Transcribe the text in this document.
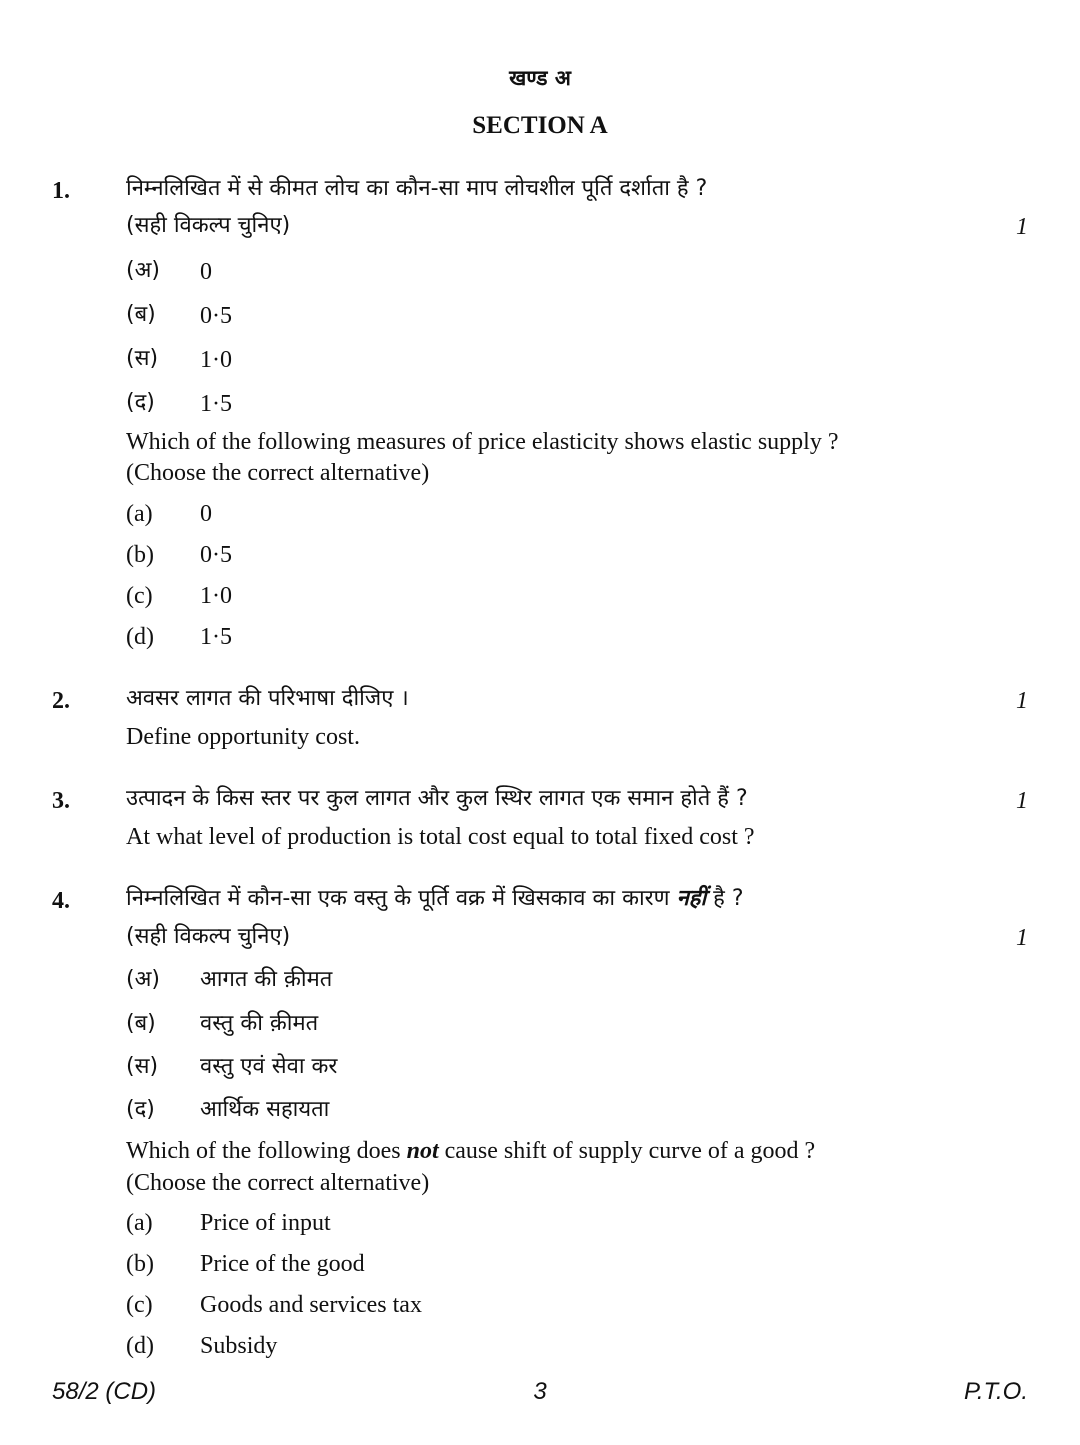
खण्ड अ
SECTION A
1.	निम्नलिखित में से कीमत लोच का कौन-सा माप लोचशील पूर्ति दर्शाता है ?
(सही विकल्प चुनिए)	1
(अ) 0
(ब) 0·5
(स) 1·0
(द) 1·5
Which of the following measures of price elasticity shows elastic supply ?
(Choose the correct alternative)
(a) 0
(b) 0·5
(c) 1·0
(d) 1·5
2.	अवसर लागत की परिभाषा दीजिए ।	1
Define opportunity cost.
3.	उत्पादन के किस स्तर पर कुल लागत और कुल स्थिर लागत एक समान होते हैं ?	1
At what level of production is total cost equal to total fixed cost ?
4.	निम्नलिखित में कौन-सा एक वस्तु के पूर्ति वक्र में खिसकाव का कारण नहीं है ?
(सही विकल्प चुनिए)	1
(अ) आगत की क़ीमत
(ब) वस्तु की क़ीमत
(स) वस्तु एवं सेवा कर
(द) आर्थिक सहायता
Which of the following does not cause shift of supply curve of a good ?
(Choose the correct alternative)
(a) Price of input
(b) Price of the good
(c) Goods and services tax
(d) Subsidy
58/2 (CD)	3	P.T.O.
